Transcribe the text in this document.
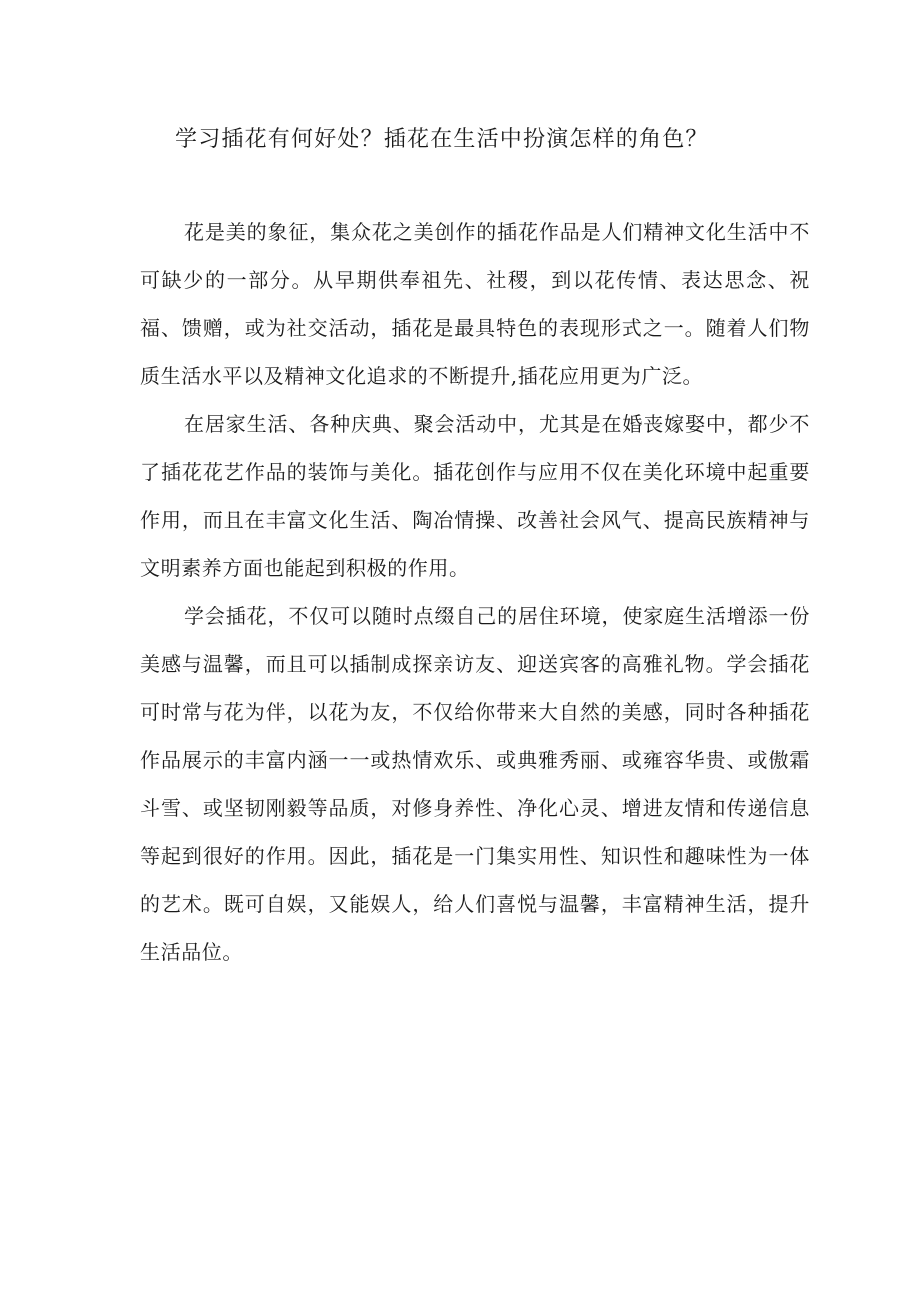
学习插花有何好处？插花在生活中扮演怎样的角色？

花是美的象征，集众花之美创作的插花作品是人们精神文化生活中不可缺少的一部分。从早期供奉祖先、社稷，到以花传情、表达思念、祝福、馈赠，或为社交活动，插花是最具特色的表现形式之一。随着人们物质生活水平以及精神文化追求的不断提升,插花应用更为广泛。

在居家生活、各种庆典、聚会活动中，尤其是在婚丧嫁娶中，都少不了插花花艺作品的装饰与美化。插花创作与应用不仅在美化环境中起重要作用，而且在丰富文化生活、陶冶情操、改善社会风气、提高民族精神与文明素养方面也能起到积极的作用。

学会插花，不仅可以随时点缀自己的居住环境，使家庭生活增添一份美感与温馨，而且可以插制成探亲访友、迎送宾客的高雅礼物。学会插花可时常与花为伴，以花为友，不仅给你带来大自然的美感，同时各种插花作品展示的丰富内涵一一或热情欢乐、或典雅秀丽、或雍容华贵、或傲霜斗雪、或坚韧刚毅等品质，对修身养性、净化心灵、增进友情和传递信息等起到很好的作用。因此，插花是一门集实用性、知识性和趣味性为一体的艺术。既可自娱，又能娱人，给人们喜悦与温馨，丰富精神生活，提升生活品位。
